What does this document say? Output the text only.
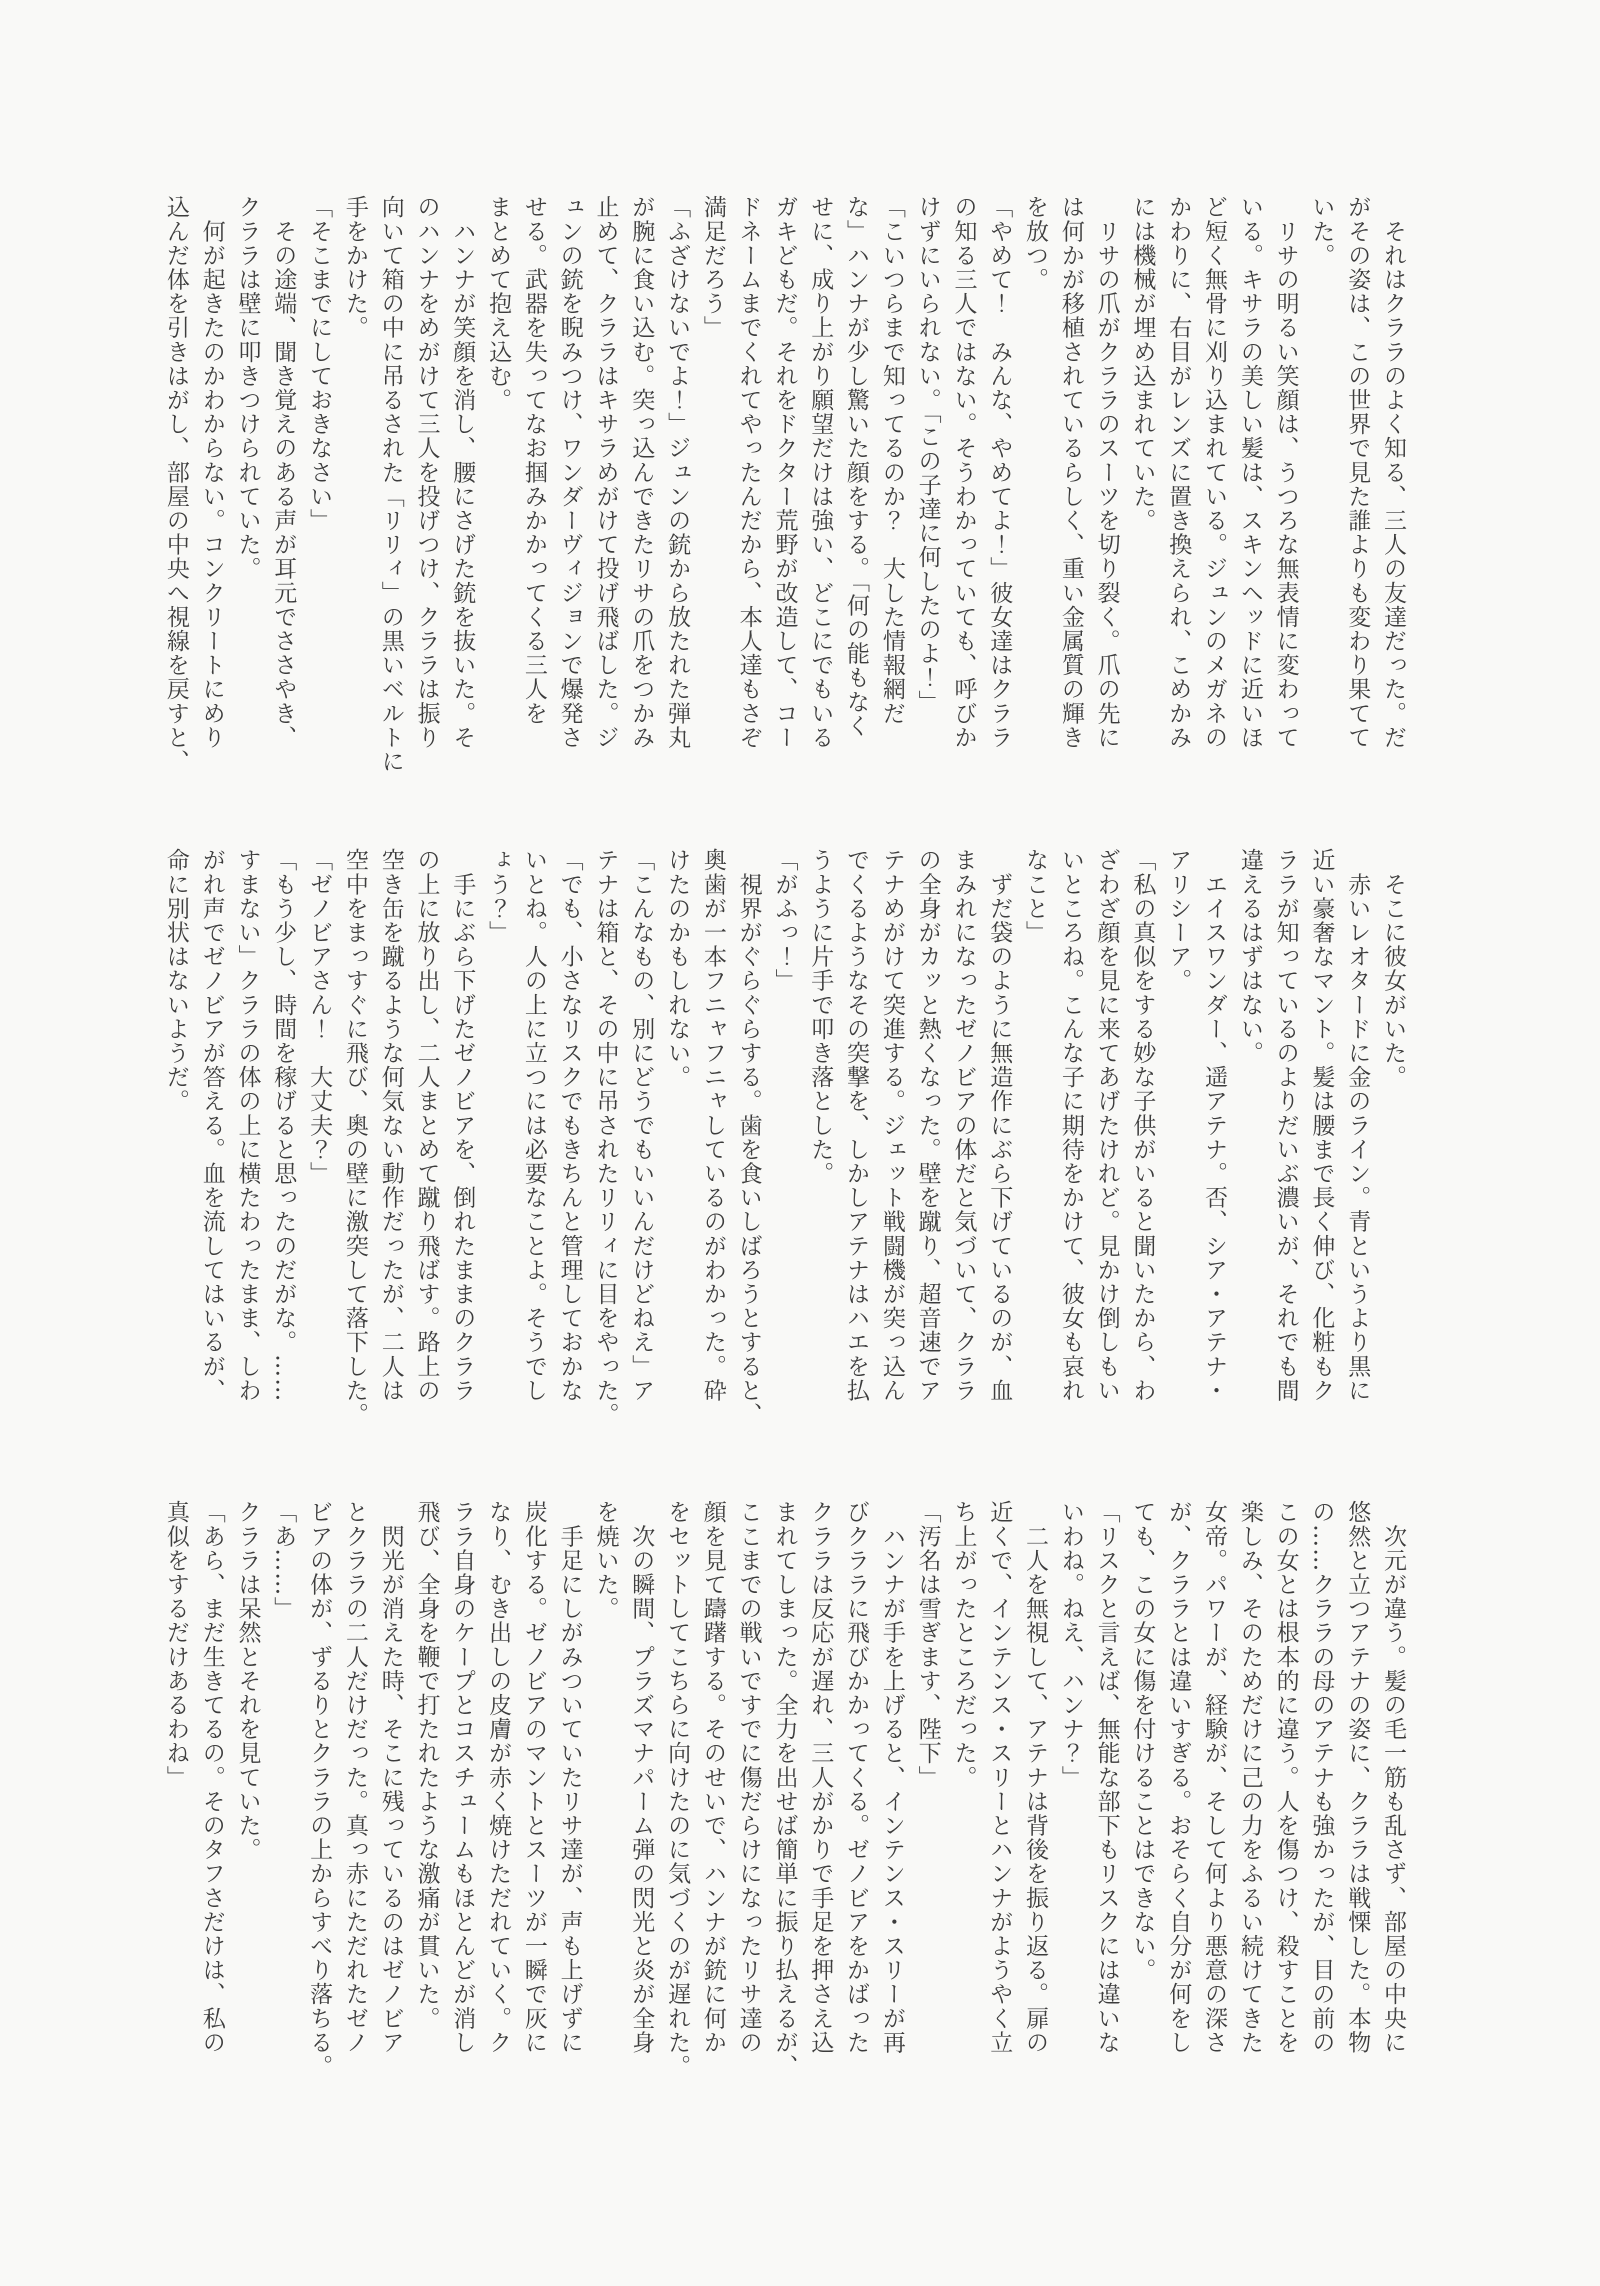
　それはクララのよく知る、三人の友達だった。だ
がその姿は、この世界で見た誰よりも変わり果てて
いた。
　リサの明るい笑顔は、うつろな無表情に変わって
いる。キサラの美しい髪は、スキンヘッドに近いほ
ど短く無骨に刈り込まれている。ジュンのメガネの
かわりに、右目がレンズに置き換えられ、こめかみ
には機械が埋め込まれていた。
　リサの爪がクララのスーツを切り裂く。爪の先に
は何かが移植されているらしく、重い金属質の輝き
を放つ。
「やめて！　みんな、やめてよ！」彼女達はクララ
の知る三人ではない。そうわかっていても、呼びか
けずにいられない。「この子達に何したのよ！」
「こいつらまで知ってるのか？　大した情報網だ
な」ハンナが少し驚いた顔をする。「何の能もなく
せに、成り上がり願望だけは強い、どこにでもいる
ガキどもだ。それをドクター荒野が改造して、コー
ドネームまでくれてやったんだから、本人達もさぞ
満足だろう」
「ふざけないでよ！」ジュンの銃から放たれた弾丸
が腕に食い込む。突っ込んできたリサの爪をつかみ
止めて、クララはキサラめがけて投げ飛ばした。ジ
ュンの銃を睨みつけ、ワンダーヴィジョンで爆発さ
せる。武器を失ってなお掴みかかってくる三人を
まとめて抱え込む。
　ハンナが笑顔を消し、腰にさげた銃を抜いた。そ
のハンナをめがけて三人を投げつけ、クララは振り
向いて箱の中に吊るされた「リリィ」の黒いベルトに
手をかけた。
「そこまでにしておきなさい」
　その途端、聞き覚えのある声が耳元でささやき、
クララは壁に叩きつけられていた。
　何が起きたのかわからない。コンクリートにめり
込んだ体を引きはがし、部屋の中央へ視線を戻すと、
　そこに彼女がいた。
　赤いレオタードに金のライン。青というより黒に
近い豪奢なマント。髪は腰まで長く伸び、化粧もク
ララが知っているのよりだいぶ濃いが、それでも間
違えるはずはない。
　エイスワンダー、遥アテナ。否、シア・アテナ・
アリシーア。
「私の真似をする妙な子供がいると聞いたから、わ
ざわざ顔を見に来てあげたけれど。見かけ倒しもい
いところね。こんな子に期待をかけて、彼女も哀れ
なこと」
　ずだ袋のように無造作にぶら下げているのが、血
まみれになったゼノビアの体だと気づいて、クララ
の全身がカッと熱くなった。壁を蹴り、超音速でア
テナめがけて突進する。ジェット戦闘機が突っ込ん
でくるようなその突撃を、しかしアテナはハエを払
うように片手で叩き落とした。
「がふっ！」
　視界がぐらぐらする。歯を食いしばろうとすると、
奥歯が一本フニャフニャしているのがわかった。砕
けたのかもしれない。
「こんなもの、別にどうでもいいんだけどねえ」ア
テナは箱と、その中に吊されたリリィに目をやった。
「でも、小さなリスクでもきちんと管理しておかな
いとね。人の上に立つには必要なことよ。そうでし
ょう？」
　手にぶら下げたゼノビアを、倒れたままのクララ
の上に放り出し、二人まとめて蹴り飛ばす。路上の
空き缶を蹴るような何気ない動作だったが、二人は
空中をまっすぐに飛び、奥の壁に激突して落下した。
「ゼノビアさん！　大丈夫？」
「もう少し、時間を稼げると思ったのだがな。……
すまない」クララの体の上に横たわったまま、しわ
がれ声でゼノビアが答える。血を流してはいるが、
命に別状はないようだ。
　次元が違う。髪の毛一筋も乱さず、部屋の中央に
悠然と立つアテナの姿に、クララは戦慄した。本物
の……クララの母のアテナも強かったが、目の前の
この女とは根本的に違う。人を傷つけ、殺すことを
楽しみ、そのためだけに己の力をふるい続けてきた
女帝。パワーが、経験が、そして何より悪意の深さ
が、クララとは違いすぎる。おそらく自分が何をし
ても、この女に傷を付けることはできない。
「リスクと言えば、無能な部下もリスクには違いな
いわね。ねえ、ハンナ？」
　二人を無視して、アテナは背後を振り返る。扉の
近くで、インテンス・スリーとハンナがようやく立
ち上がったところだった。
「汚名は雪ぎます、陛下」
　ハンナが手を上げると、インテンス・スリーが再
びクララに飛びかかってくる。ゼノビアをかばった
クララは反応が遅れ、三人がかりで手足を押さえ込
まれてしまった。全力を出せば簡単に振り払えるが、
ここまでの戦いですでに傷だらけになったリサ達の
顔を見て躊躇する。そのせいで、ハンナが銃に何か
をセットしてこちらに向けたのに気づくのが遅れた。
　次の瞬間、プラズマナパーム弾の閃光と炎が全身
を焼いた。
　手足にしがみついていたリサ達が、声も上げずに
炭化する。ゼノビアのマントとスーツが一瞬で灰に
なり、むき出しの皮膚が赤く焼けただれていく。ク
ララ自身のケープとコスチュームもほとんどが消し
飛び、全身を鞭で打たれたような激痛が貫いた。
　閃光が消えた時、そこに残っているのはゼノビア
とクララの二人だけだった。真っ赤にただれたゼノ
ビアの体が、ずるりとクララの上からすべり落ちる。
「あ……」
クララは呆然とそれを見ていた。
「あら、まだ生きてるの。そのタフさだけは、私の
真似をするだけあるわね」
